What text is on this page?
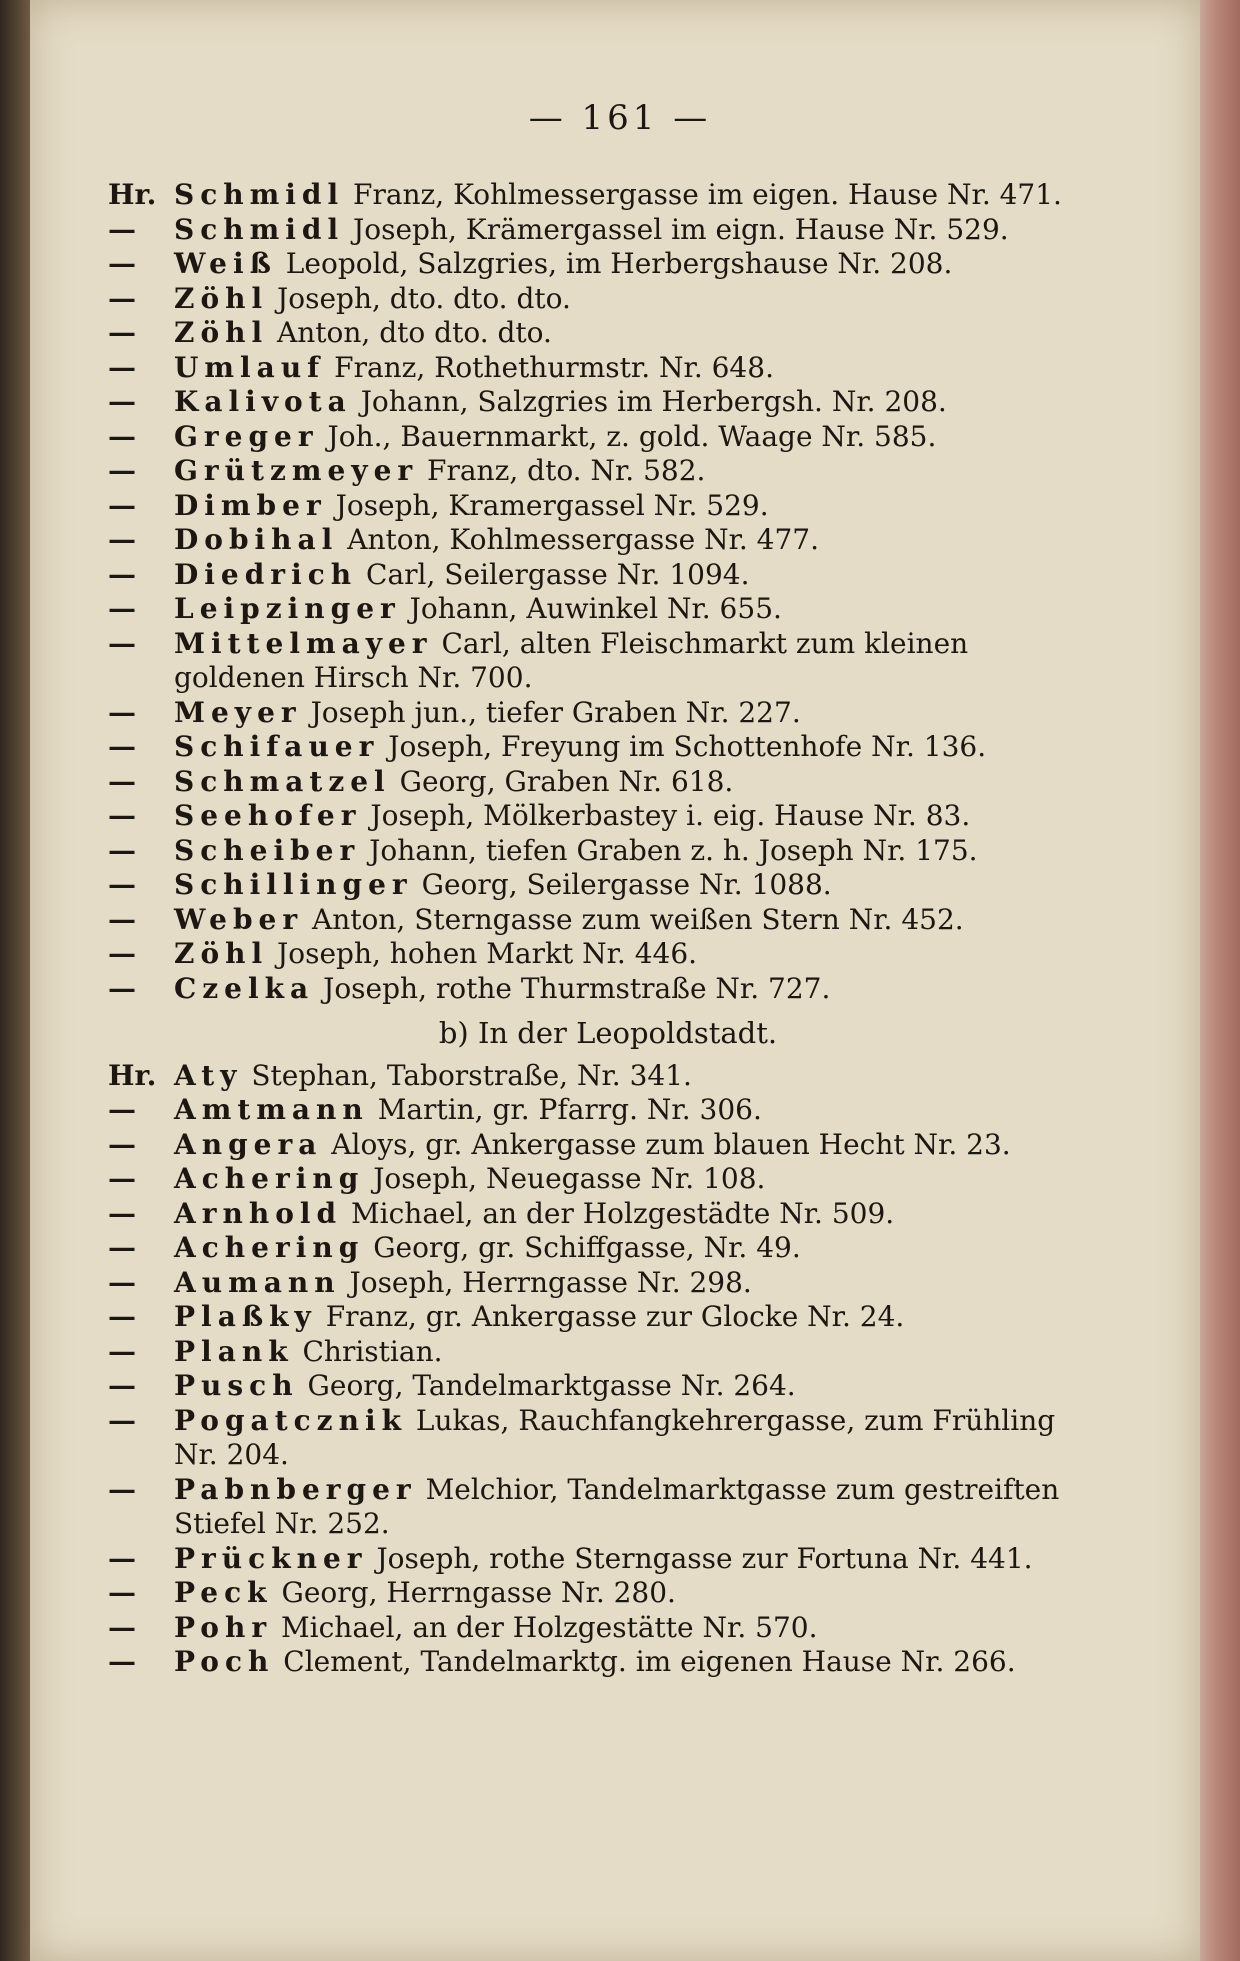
— 161 —
Hr. Schmidl Franz, Kohlmessergasse im eigen. Hause Nr. 471.
—	Schmidl Joseph, Krämergassel im eign. Hause Nr. 529.
—	Weiß Leopold, Salzgries, im Herbergshause Nr. 208.
—	Zöhl Joseph, dto. dto. dto.
—	Zöhl Anton, dto dto. dto.
—	Umlauf Franz, Rothethurmstr. Nr. 648.
—	Kalivota Johann, Salzgries im Herbergsh. Nr. 208.
—	Greger Joh., Bauernmarkt, z. gold. Waage Nr. 585.
—	Grützmeyer Franz, dto. Nr. 582.
—	Dimber Joseph, Kramergassel Nr. 529.
—	Dobihal Anton, Kohlmessergasse Nr. 477.
—	Diedrich Carl, Seilergasse Nr. 1094.
—	Leipzinger Johann, Auwinkel Nr. 655.
—	Mittelmayer Carl, alten Fleischmarkt zum kleinen goldenen Hirsch Nr. 700.
—	Meyer Joseph jun., tiefer Graben Nr. 227.
—	Schifauer Joseph, Freyung im Schottenhofe Nr. 136.
—	Schmatzel Georg, Graben Nr. 618.
—	Seehofer Joseph, Mölkerbastey i. eig. Hause Nr. 83.
—	Scheiber Johann, tiefen Graben z. h. Joseph Nr. 175.
—	Schillinger Georg, Seilergasse Nr. 1088.
—	Weber Anton, Sterngasse zum weißen Stern Nr. 452.
—	Zöhl Joseph, hohen Markt Nr. 446.
—	Czelka Joseph, rothe Thurmstraße Nr. 727.
b) In der Leopoldstadt.
Hr. Aty Stephan, Taborstraße, Nr. 341.
—	Amtmann Martin, gr. Pfarrg. Nr. 306.
—	Angera Aloys, gr. Ankergasse zum blauen Hecht Nr. 23.
—	Achering Joseph, Neuegasse Nr. 108.
—	Arnhold Michael, an der Holzgestädte Nr. 509.
—	Achering Georg, gr. Schiffgasse, Nr. 49.
—	Aumann Joseph, Herrngasse Nr. 298.
—	Plaßky Franz, gr. Ankergasse zur Glocke Nr. 24.
—	Plank Christian.
—	Pusch Georg, Tandelmarktgasse Nr. 264.
—	Pogatcznik Lukas, Rauchfangkehrergasse, zum Frühling Nr. 204.
—	Pabnberger Melchior, Tandelmarktgasse zum gestreiften Stiefel Nr. 252.
—	Prückner Joseph, rothe Sterngasse zur Fortuna Nr. 441.
—	Peck Georg, Herrngasse Nr. 280.
—	Pohr Michael, an der Holzgestätte Nr. 570.
—	Poch Clement, Tandelmarktg. im eigenen Hause Nr. 266.
